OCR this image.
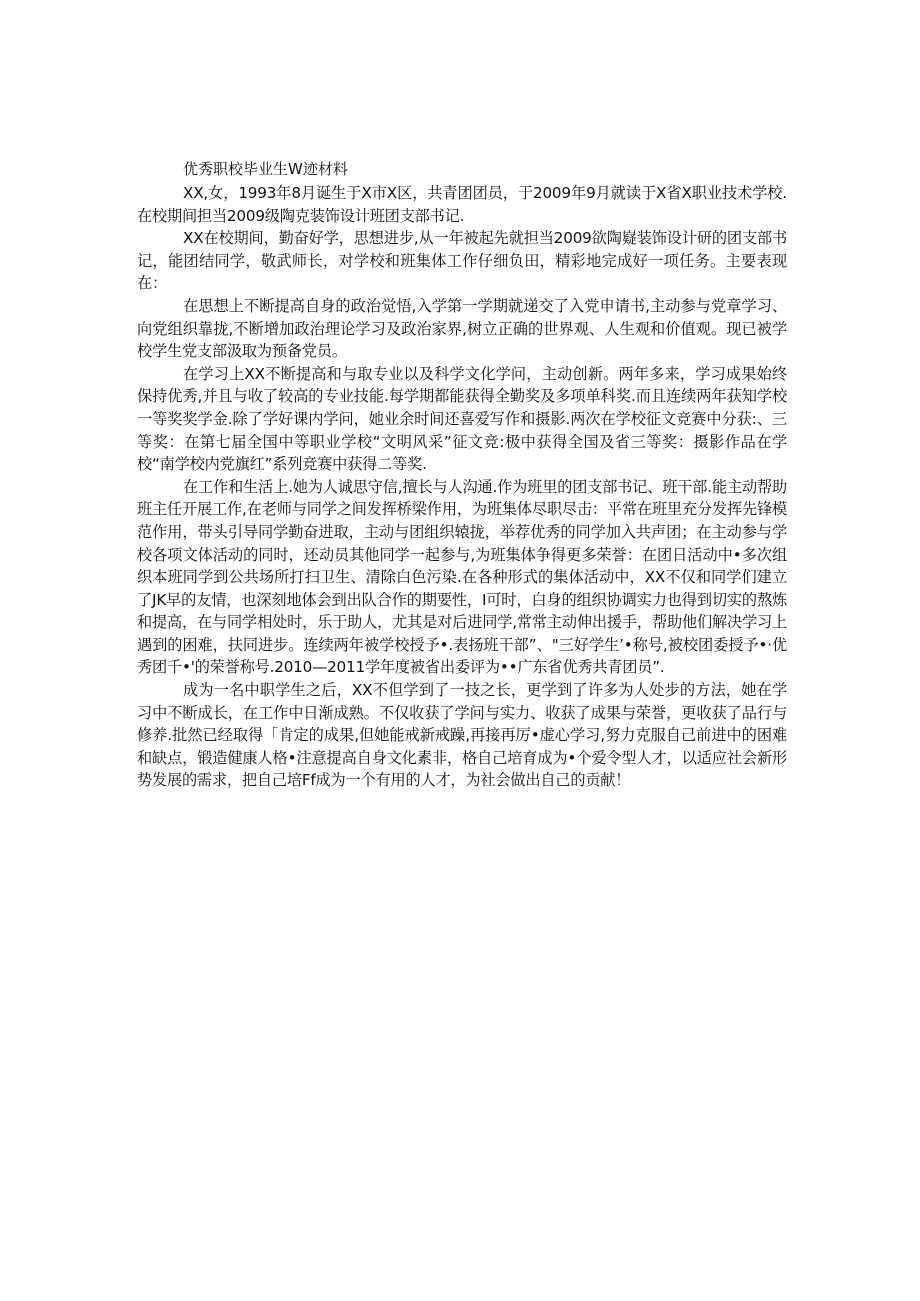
优秀职校毕业生W迹材料

XX,女，1993年8月诞生于X市X区，共青团团员，于2009年9月就读于X省X职业技术学校.在校期间担当2009级陶克装饰设计班团支部书记.

XX在校期间，勤奋好学，思想进步,从一年被起先就担当2009欲陶嶷装饰设计研的团支部书记，能团结同学，敬武师长，对学校和班集体工作仔细负田，精彩地完成好一项任务。主要表现在：

在思想上不断提高自身的政治觉悟,入学第一学期就递交了入党申请书,主动参与党章学习、向党组织靠拢,不断增加政治理论学习及政治家界,树立正确的世界观、人生观和价值观。现已被学校学生党支部汲取为预备党员。

在学习上XX不断提高和与取专业以及科学文化学问，主动创新。两年多来，学习成果始终保持优秀,并且与收了较高的专业技能.每学期都能获得全勤奖及多项单科奖.而且连续两年获知学校一等奖奖学金.除了学好课内学问，她业余时间还喜爱写作和摄影.两次在学校征文竞赛中分获:、三等奖：在第七届全国中等职业学校“文明风采”征文竞:极中获得全国及省三等奖：摄影作品在学校“南学校内党旗红”系列竞赛中获得二等奖.

在工作和生活上.她为人诚思守信,擅长与人沟通.作为班里的团支部书记、班干部.能主动帮助班主任开展工作,在老师与同学之间发挥桥梁作用，为班集体尽职尽击：平常在班里充分发挥先锋模范作用，带头引导同学勤奋进取，主动与团组织辕拢，举荐优秀的同学加入共声团；在主动参与学校各项文体活动的同时，还动员其他同学一起参与,为班集体争得更多荣誉：在团日活动中•多次组织本班同学到公共场所打扫卫生、清除白色污染.在各种形式的集体活动中，XX不仅和同学们建立了JK早的友情，也深刻地体会到出队合作的期要性，I可时，白身的组织协调实力也得到切实的熬炼和提高，在与同学相处时，乐于助人，尤其是对后进同学,常常主动伸出援手，帮助他们解决学习上遇到的困难，扶同进步。连续两年被学校授予•.表扬班干部”、"三好学生’•称号,被校团委授予•·优秀团千•'的荣誉称号.2010—2011学年度被省出委评为••广东省优秀共青团员”.

成为一名中职学生之后，XX不但学到了一技之长，更学到了许多为人处步的方法，她在学习中不断成长，在工作中日渐成熟。不仅收获了学问与实力、收获了成果与荣誉，更收获了品行与修养.批然已经取得「肯定的成果,但她能戒新戒躁,再接再厉•虚心学习,努力克服自己前进中的困难和缺点，锻造健康人格•注意提高自身文化素非，格自己培育成为•个爱令型人才，以适应社会新形势发展的需求，把自己培Ff成为一个有用的人才，为社会做出自己的贡献！
